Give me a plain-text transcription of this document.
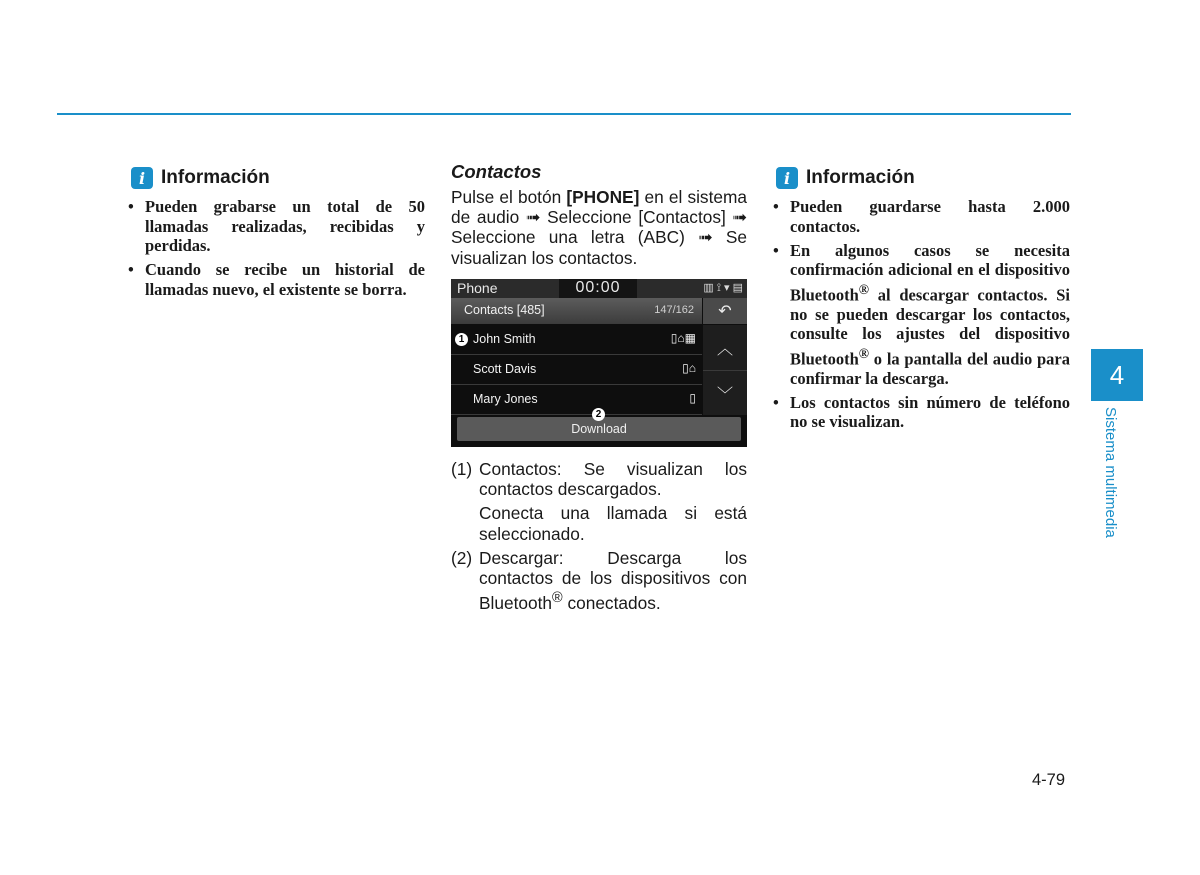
i Información
• Pueden grabarse un total de 50 llamadas realizadas, recibidas y perdidas.
• Cuando se recibe un historial de llamadas nuevo, el existente se borra.
Contactos
Pulse el botón [PHONE] en el sistema de audio ➟ Seleccione [Contactos] ➟ Seleccione una letra (ABC) ➟ Se visualizan los contactos.
Phone	00:00	▥ ⟟ ▾ ▤
Contacts [485]	147/162 ↶
1 John Smith	▯⌂▦
Scott Davis	▯⌂
Mary Jones	▯
︿
﹀
Download
2
(1) Contactos: Se visualizan los contactos descargados.
Conecta una llamada si está seleccionado.
(2) Descargar: Descarga los contactos de los dispositivos con Bluetooth® conectados.
i Información
• Pueden guardarse hasta 2.000 contactos.
• En algunos casos se necesita confirmación adicional en el dispositivo Bluetooth® al descargar contactos. Si no se pueden descargar los contactos, consulte los ajustes del dispositivo Bluetooth® o la pantalla del audio para confirmar la descarga.
• Los contactos sin número de teléfono no se visualizan.
4
Sistema multimedia
4-79
